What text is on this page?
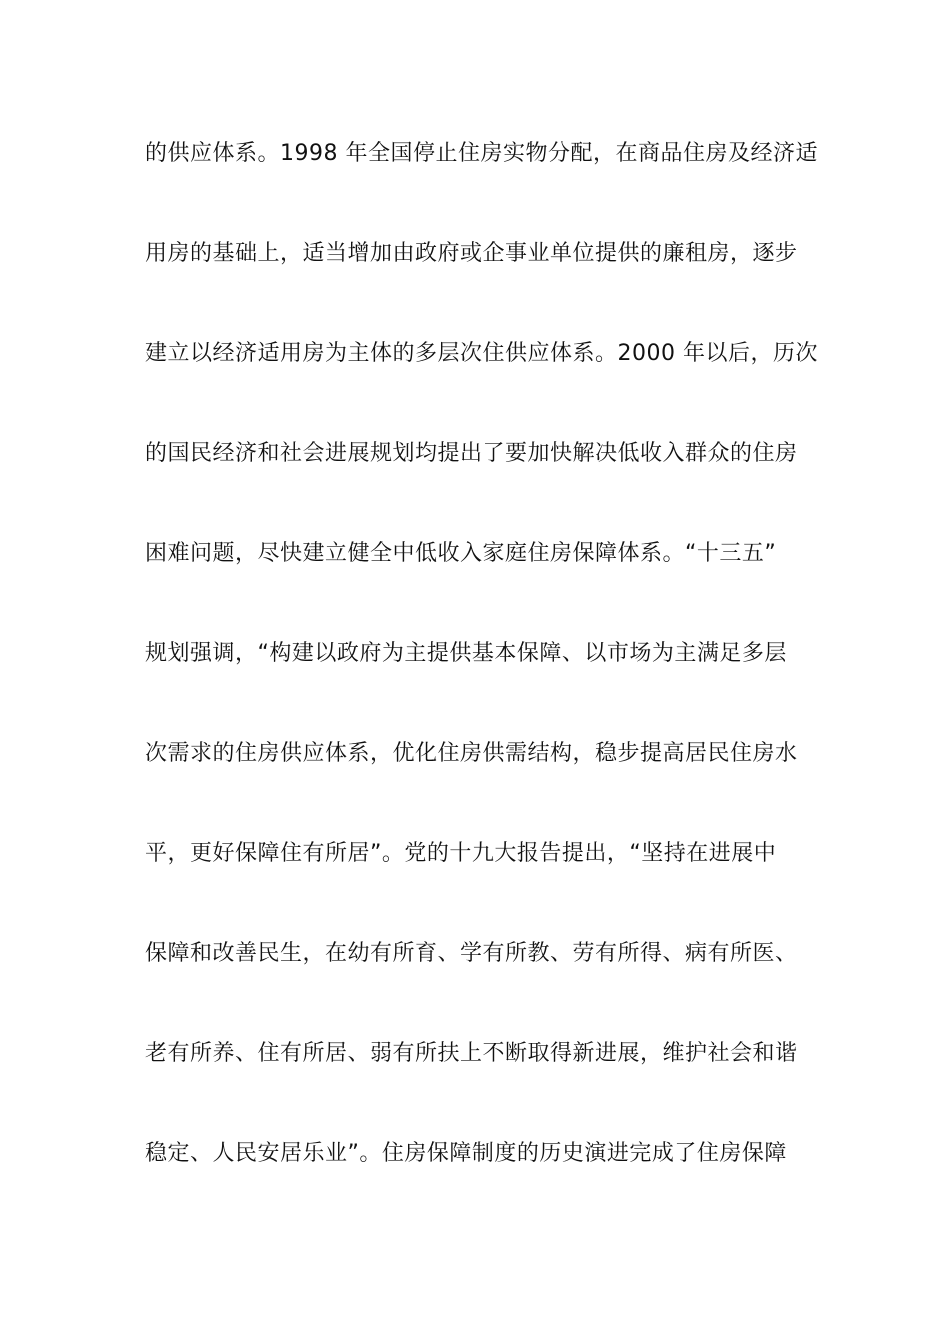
的供应体系。1998 年全国停止住房实物分配，在商品住房及经济适
用房的基础上，适当增加由政府或企事业单位提供的廉租房，逐步
建立以经济适用房为主体的多层次住供应体系。2000 年以后，历次
的国民经济和社会进展规划均提出了要加快解决低收入群众的住房
困难问题，尽快建立健全中低收入家庭住房保障体系。“十三五”
规划强调，“构建以政府为主提供基本保障、以市场为主满足多层
次需求的住房供应体系，优化住房供需结构，稳步提高居民住房水
平，更好保障住有所居”。党的十九大报告提出，“坚持在进展中
保障和改善民生，在幼有所育、学有所教、劳有所得、病有所医、
老有所养、住有所居、弱有所扶上不断取得新进展，维护社会和谐
稳定、人民安居乐业”。住房保障制度的历史演进完成了住房保障
